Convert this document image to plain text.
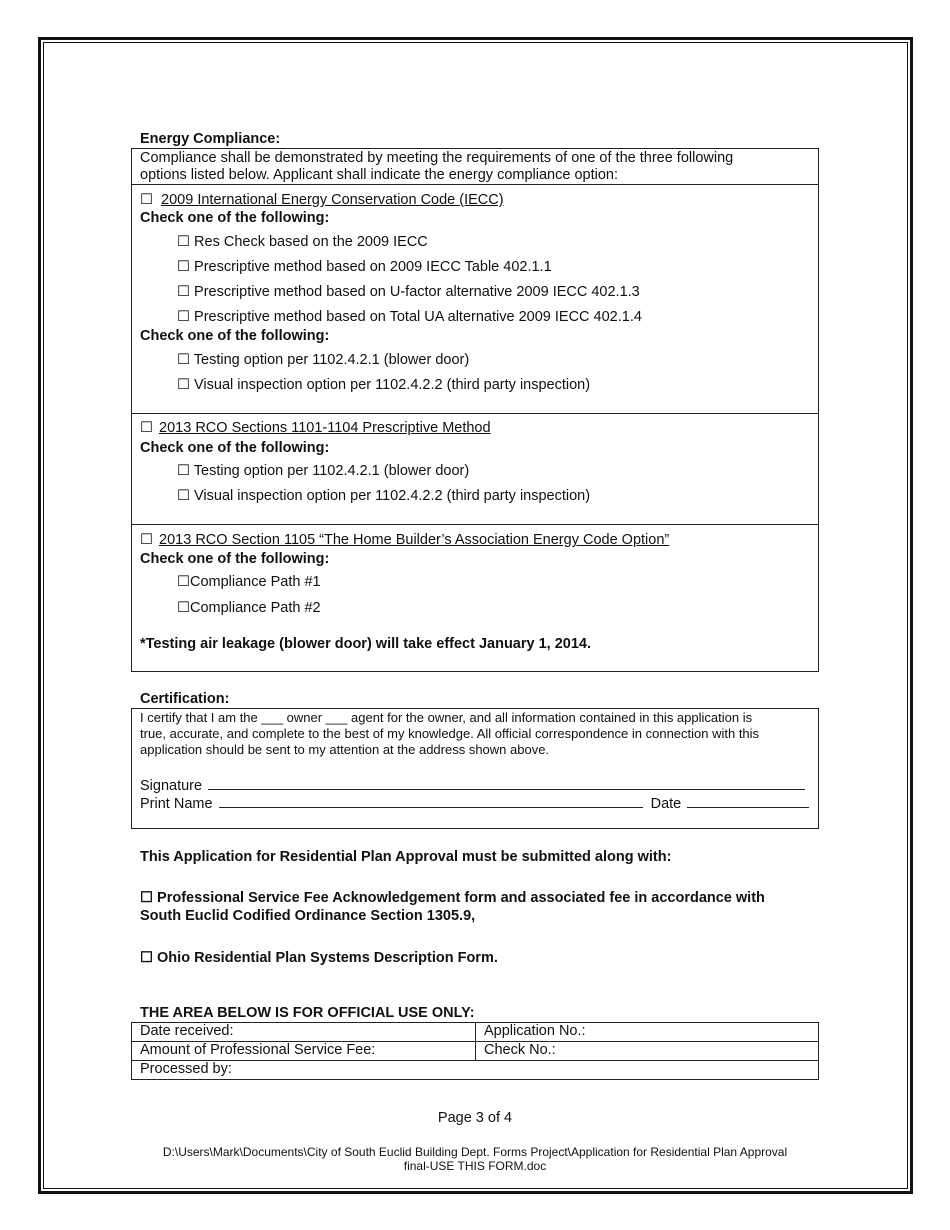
Energy Compliance:
Compliance shall be demonstrated by meeting the requirements of one of the three following
options listed below. Applicant shall indicate the energy compliance option:
☐ 2009 International Energy Conservation Code (IECC)
Check one of the following:
☐ Res Check based on the 2009 IECC
☐ Prescriptive method based on 2009 IECC Table 402.1.1
☐ Prescriptive method based on U-factor alternative 2009 IECC 402.1.3
☐ Prescriptive method based on Total UA alternative 2009 IECC 402.1.4
Check one of the following:
☐ Testing option per 1102.4.2.1 (blower door)
☐ Visual inspection option per 1102.4.2.2 (third party inspection)
☐ 2013 RCO Sections 1101-1104 Prescriptive Method
Check one of the following:
☐ Testing option per 1102.4.2.1 (blower door)
☐ Visual inspection option per 1102.4.2.2 (third party inspection)
☐ 2013 RCO Section 1105 “The Home Builder’s Association Energy Code Option”
Check one of the following:
☐Compliance Path #1
☐Compliance Path #2
*Testing air leakage (blower door) will take effect January 1, 2014.
Certification:
I certify that I am the ___ owner ___ agent for the owner, and all information contained in this application is
true, accurate, and complete to the best of my knowledge. All official correspondence in connection with this
application should be sent to my attention at the address shown above.
Signature
Print Name	Date
This Application for Residential Plan Approval must be submitted along with:
☐ Professional Service Fee Acknowledgement form and associated fee in accordance with
South Euclid Codified Ordinance Section 1305.9,
☐ Ohio Residential Plan Systems Description Form.
THE AREA BELOW IS FOR OFFICIAL USE ONLY:
Date received:	Application No.:
Amount of Professional Service Fee:	Check No.:
Processed by:	
Page 3 of 4
D:\Users\Mark\Documents\City of South Euclid Building Dept. Forms Project\Application for Residential Plan Approval
final-USE THIS FORM.doc
